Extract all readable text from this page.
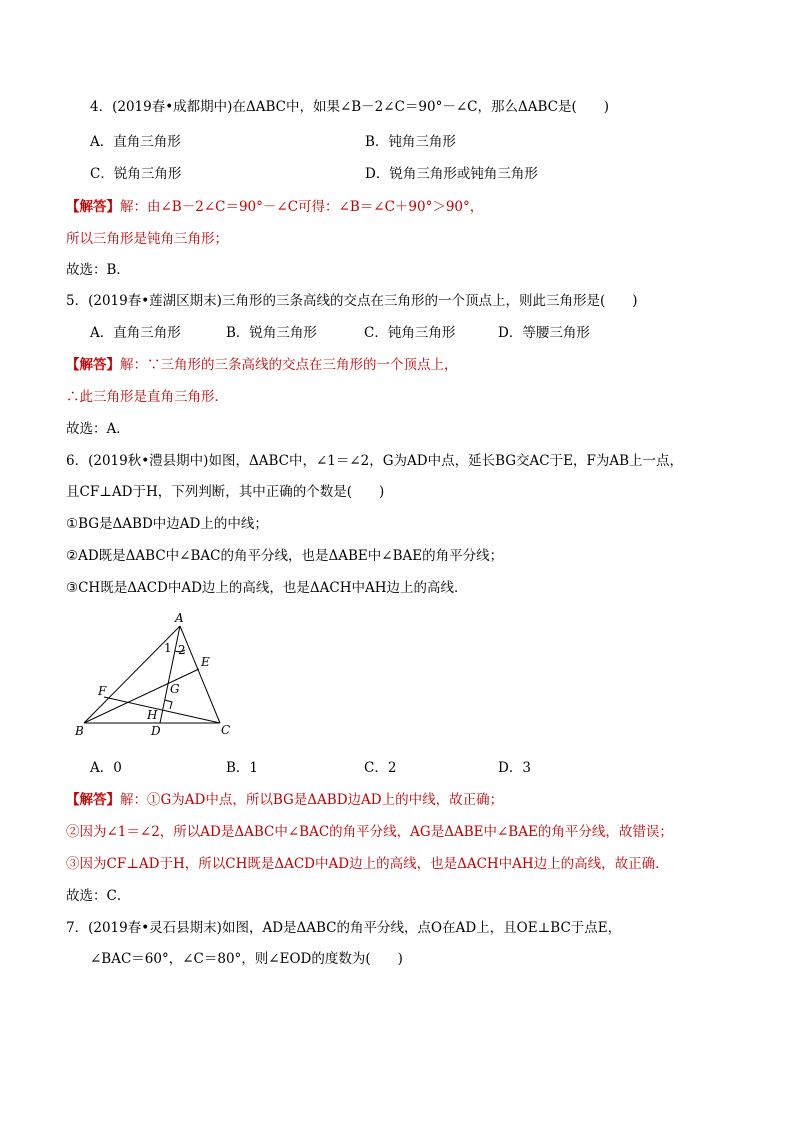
4．(2019春•成都期中)在ΔABC中，如果∠B－2∠C＝90°－∠C，那么ΔABC是(　　)
A．直角三角形	B．钝角三角形
C．锐角三角形	D．锐角三角形或钝角三角形
【解答】解：由∠B－2∠C＝90°－∠C可得：∠B＝∠C＋90°＞90°，
所以三角形是钝角三角形；
故选：B．
5．(2019春•莲湖区期末)三角形的三条高线的交点在三角形的一个顶点上，则此三角形是(　　)
A．直角三角形	B．锐角三角形	C．钝角三角形	D．等腰三角形
【解答】解：∵三角形的三条高线的交点在三角形的一个顶点上，
∴此三角形是直角三角形．
故选：A．
6．(2019秋•澧县期中)如图，ΔABC中，∠1＝∠2，G为AD中点，延长BG交AC于E，F为AB上一点，
且CF⊥AD于H，下列判断，其中正确的个数是(　　)
①BG是ΔABD中边AD上的中线；
②AD既是ΔABC中∠BAC的角平分线，也是ΔABE中∠BAE的角平分线；
③CH既是ΔACD中AD边上的高线，也是ΔACH中AH边上的高线．
A
B	C
D
E
F	G
H
1 2
A．0	B．1	C．2	D．3
【解答】解：①G为AD中点，所以BG是ΔABD边AD上的中线，故正确；
②因为∠1＝∠2，所以AD是ΔABC中∠BAC的角平分线，AG是ΔABE中∠BAE的角平分线，故错误；
③因为CF⊥AD于H，所以CH既是ΔACD中AD边上的高线，也是ΔACH中AH边上的高线，故正确．
故选：C．
7．(2019春•灵石县期末)如图，AD是ΔABC的角平分线，点O在AD上，且OE⊥BC于点E，
∠BAC＝60°，∠C＝80°，则∠EOD的度数为(　　)
